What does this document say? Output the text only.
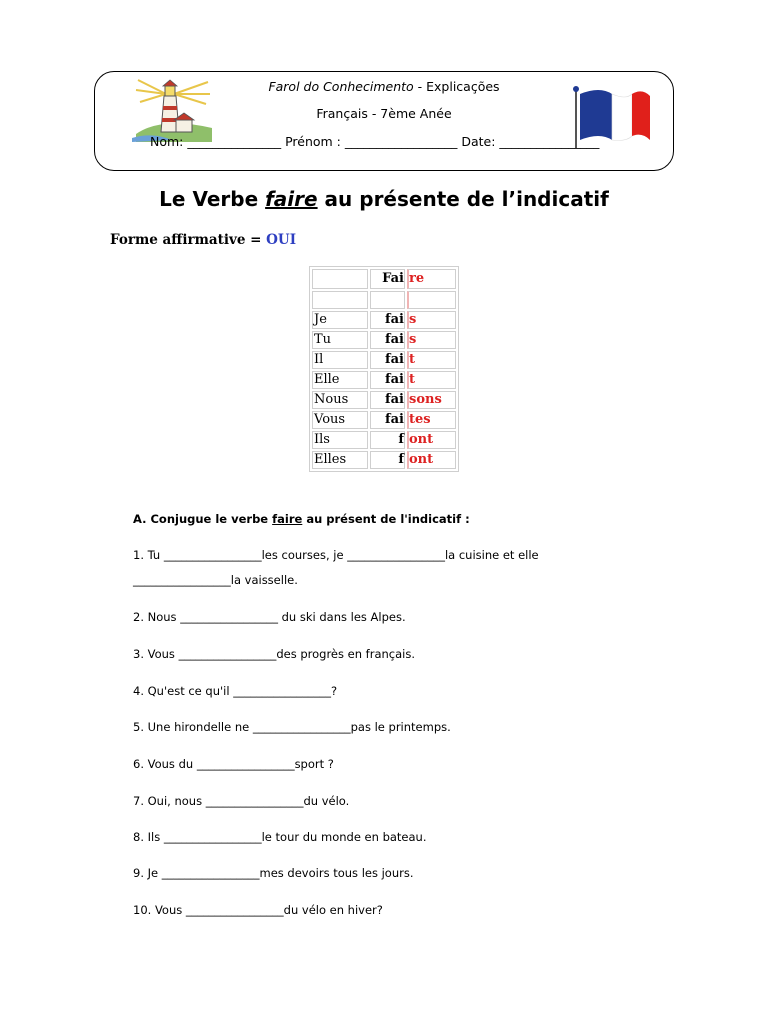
Farol do Conhecimento - Explicações
Français - 7ème Anée
Nom: _______________ Prénom : __________________ Date: ________________
Le Verbe faire au présente de l’indicatif
Forme affirmative = OUI
	Fai	re

Je	fai	s
Tu	fai	s
Il	fai	t
Elle	fai	t
Nous	fai	sons
Vous	fai	tes
Ils	f	ont
Elles	f	ont
A. Conjugue le verbe faire au présent de l'indicatif :
1. Tu _________________les courses, je _________________la cuisine et elle
_________________la vaisselle.
2. Nous _________________ du ski dans les Alpes.
3. Vous _________________des progrès en français.
4. Qu'est ce qu'il _________________?
5. Une hirondelle ne _________________pas le printemps.
6. Vous du _________________sport ?
7. Oui, nous _________________du vélo.
8. Ils _________________le tour du monde en bateau.
9. Je _________________mes devoirs tous les jours.
10. Vous _________________du vélo en hiver?
